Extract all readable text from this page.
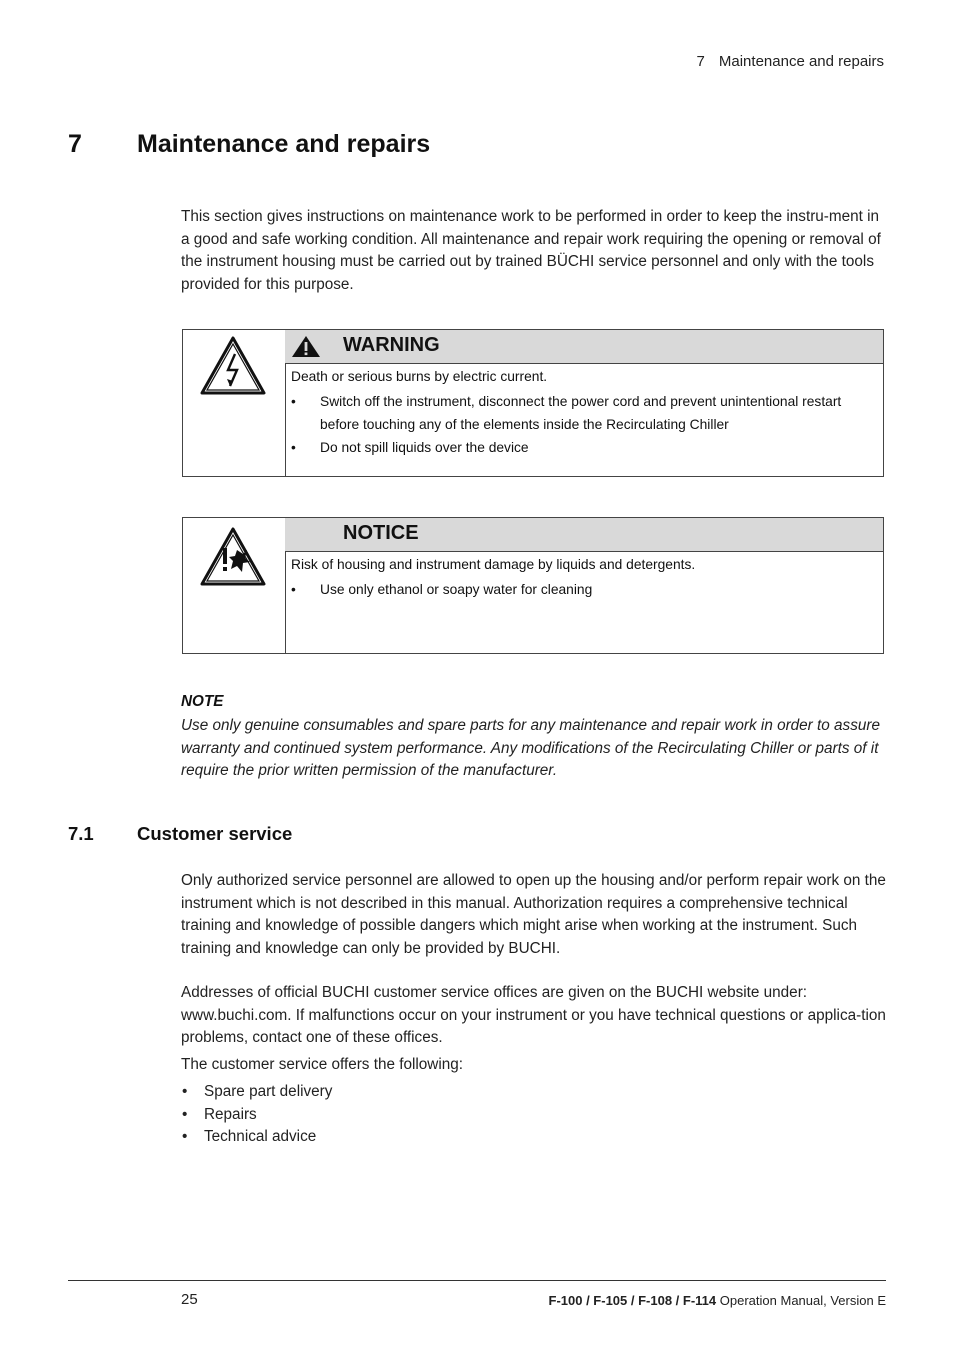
7 Maintenance and repairs
7 Maintenance and repairs

This section gives instructions on maintenance work to be performed in order to keep the instru-ment in a good and safe working condition. All maintenance and repair work requiring the opening or removal of the instrument housing must be carried out by trained BÜCHI service personnel and only with the tools provided for this purpose.

WARNING
Death or serious burns by electric current.
• Switch off the instrument, disconnect the power cord and prevent unintentional restart before touching any of the elements inside the Recirculating Chiller
• Do not spill liquids over the device
NOTICE
Risk of housing and instrument damage by liquids and detergents.
• Use only ethanol or soapy water for cleaning
NOTE
Use only genuine consumables and spare parts for any maintenance and repair work in order to assure warranty and continued system performance. Any modifications of the Recirculating Chiller or parts of it require the prior written permission of the manufacturer.
7.1 Customer service

Only authorized service personnel are allowed to open up the housing and/or perform repair work on the instrument which is not described in this manual. Authorization requires a comprehensive technical training and knowledge of possible dangers which might arise when working at the instrument. Such training and knowledge can only be provided by BUCHI.

Addresses of official BUCHI customer service offices are given on the BUCHI website under: www.buchi.com. If malfunctions occur on your instrument or you have technical questions or applica-tion problems, contact one of these offices.

The customer service offers the following:

• Spare part delivery
• Repairs
• Technical advice
25	F-100 / F-105 / F-108 / F-114 Operation Manual, Version E
